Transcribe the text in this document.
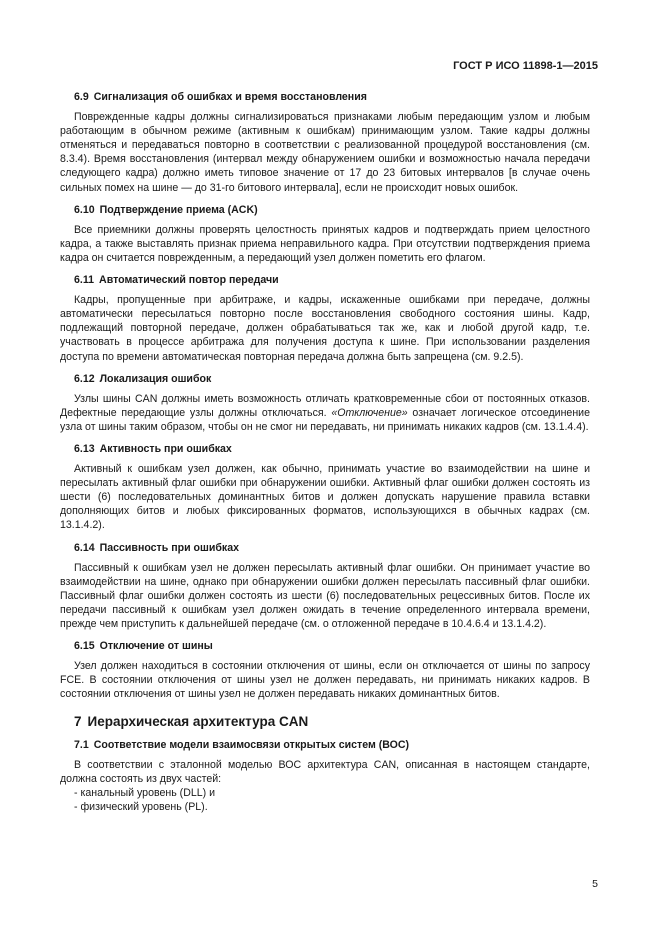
ГОСТ Р ИСО 11898-1—2015
6.9 Сигнализация об ошибках и время восстановления

Поврежденные кадры должны сигнализироваться признаками любым передающим узлом и любым работающим в обычном режиме (активным к ошибкам) принимающим узлом. Такие кадры должны отменяться и передаваться повторно в соответствии с реализованной процедурой восстановления (см. 8.3.4). Время восстановления (интервал между обнаружением ошибки и возможностью начала передачи следующего кадра) должно иметь типовое значение от 17 до 23 битовых интервалов [в случае очень сильных помех на шине — до 31-го битового интервала], если не происходит новых ошибок.

6.10 Подтверждение приема (ACK)

Все приемники должны проверять целостность принятых кадров и подтверждать прием целостного кадра, а также выставлять признак приема неправильного кадра. При отсутствии подтверждения приема кадра он считается поврежденным, а передающий узел должен пометить его флагом.

6.11 Автоматический повтор передачи

Кадры, пропущенные при арбитраже, и кадры, искаженные ошибками при передаче, должны автоматически пересылаться повторно после восстановления свободного состояния шины. Кадр, подлежащий повторной передаче, должен обрабатываться так же, как и любой другой кадр, т.е. участвовать в процессе арбитража для получения доступа к шине. При использовании разделения доступа по времени автоматическая повторная передача должна быть запрещена (см. 9.2.5).

6.12 Локализация ошибок

Узлы шины CAN должны иметь возможность отличать кратковременные сбои от постоянных отказов. Дефектные передающие узлы должны отключаться. «Отключение» означает логическое отсоединение узла от шины таким образом, чтобы он не смог ни передавать, ни принимать никаких кадров (см. 13.1.4.4).

6.13 Активность при ошибках

Активный к ошибкам узел должен, как обычно, принимать участие во взаимодействии на шине и пересылать активный флаг ошибки при обнаружении ошибки. Активный флаг ошибки должен состоять из шести (6) последовательных доминантных битов и должен допускать нарушение правила вставки дополняющих битов и любых фиксированных форматов, использующихся в обычных кадрах (см. 13.1.4.2).

6.14 Пассивность при ошибках

Пассивный к ошибкам узел не должен пересылать активный флаг ошибки. Он принимает участие во взаимодействии на шине, однако при обнаружении ошибки должен пересылать пассивный флаг ошибки. Пассивный флаг ошибки должен состоять из шести (6) последовательных рецессивных битов. После их передачи пассивный к ошибкам узел должен ожидать в течение определенного интервала времени, прежде чем приступить к дальнейшей передаче (см. о отложенной передаче в 10.4.6.4 и 13.1.4.2).

6.15 Отключение от шины

Узел должен находиться в состоянии отключения от шины, если он отключается от шины по запросу FCE. В состоянии отключения от шины узел не должен передавать, ни принимать никаких кадров. В состоянии отключения от шины узел не должен передавать никаких доминантных битов.

7 Иерархическая архитектура CAN
7.1 Соответствие модели взаимосвязи открытых систем (ВОС)

В соответствии с эталонной моделью ВОС архитектура CAN, описанная в настоящем стандарте, должна состоять из двух частей:

- канальный уровень (DLL) и
- физический уровень (PL).
5
